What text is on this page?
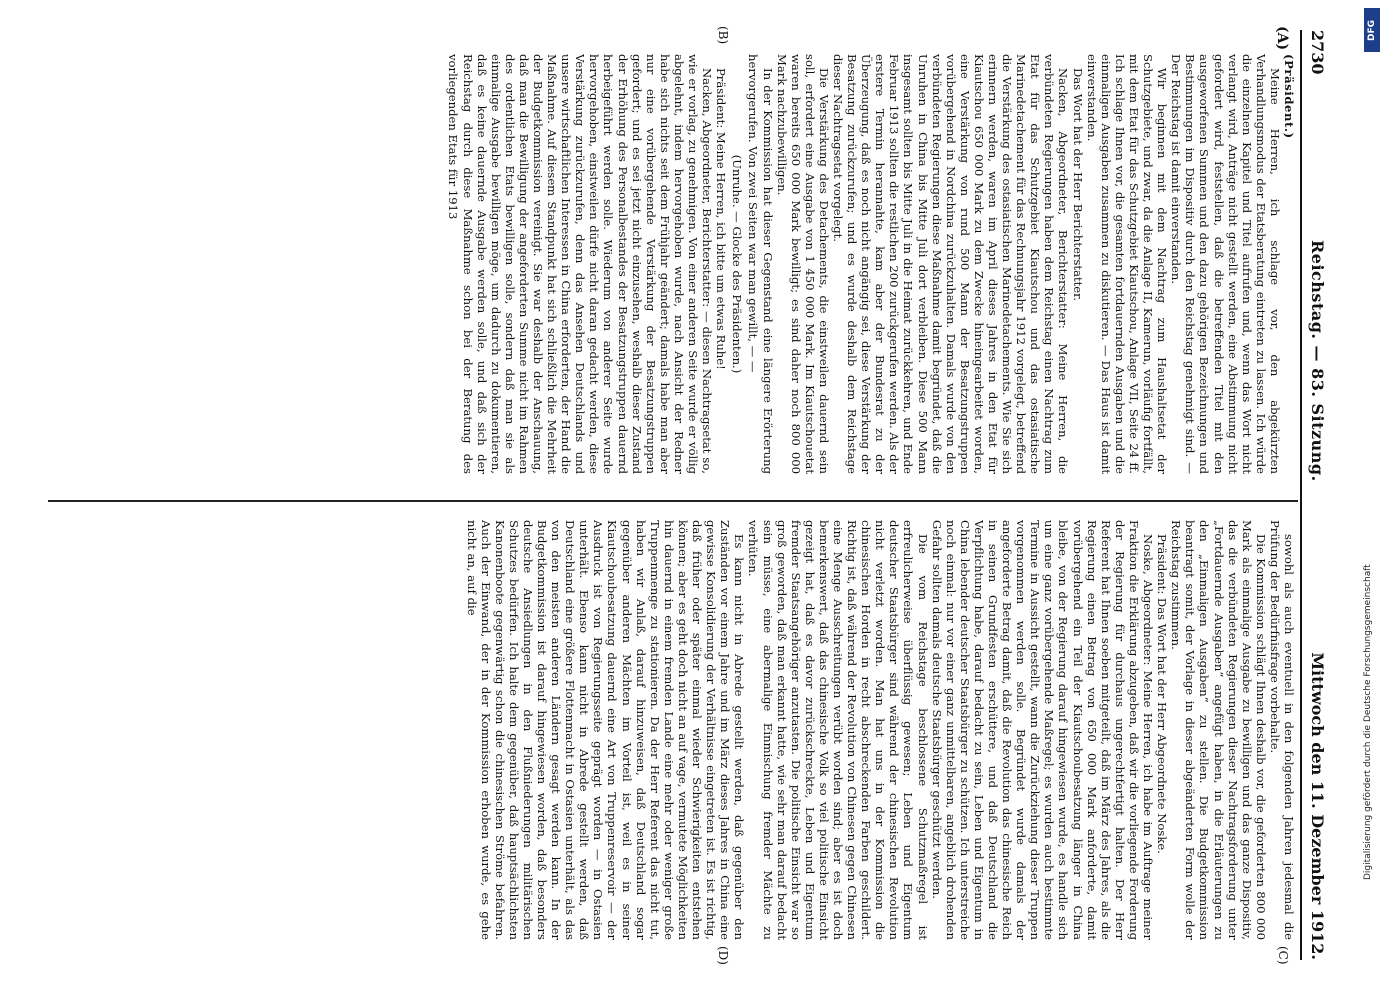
2730
Reichstag. — 83. Sitzung.
Mittwoch den 11. Dezember 1912.
(A)
(B)
(C)
(D)

(Präsident.)

Meine Herren, ich schlage vor, den abgekürzten Verhandlungsmodus der Etatsberatung eintreten zu lassen. Ich würde die einzelnen Kapitel und Titel aufrufen und, wenn das Wort nicht verlangt wird, Anträge nicht gestellt werden, eine Abstimmung nicht gefordert wird, feststellen, daß die betreffenden Titel mit den ausgeworfenen Summen und den dazu gehörigen Bezeichnungen und Bestimmungen im Dispositiv durch den Reichstag genehmigt sind. — Der Reichstag ist damit einverstanden.

Wir beginnen mit dem Nachtrag zum Haushaltsetat der Schutzgebiete, und zwar, da die Anlage II, Kamerun, vorläufig fortfällt, mit dem Etat für das Schutzgebiet Kiautschou, Anlage VII, Seite 24 ff. Ich schlage Ihnen vor, die gesamten fortdauernden Ausgaben und die einmaligen Ausgaben zusammen zu diskutieren. — Das Haus ist damit einverstanden.

Das Wort hat der Herr Berichterstatter.

Nacken, Abgeordneter, Berichterstatter: Meine Herren, die verbündeten Regierungen haben dem Reichstag einen Nachtrag zum Etat für das Schutzgebiet Kiautschou und das ostasiatische Marinedetachement für das Rechnungsjahr 1912 vorgelegt, betreffend die Verstärkung des ostasiatischen Marinedetachements. Wie Sie sich erinnern werden, waren im April dieses Jahres in den Etat für Kiautschou 650 000 Mark zu dem Zwecke hineingearbeitet worden, eine Verstärkung von rund 500 Mann der Besatzungstruppen vorübergehend in Nordchina zurückzuhalten. Damals wurde von den verbündeten Regierungen diese Maßnahme damit begründet, daß die Unruhen in China bis Mitte Juli dort verbleiben. Diese 500 Mann insgesamt sollten bis Mitte Juli in die Heimat zurückkehren, und Ende Februar 1913 sollten die restlichen 200 zurückgerufen werden. Als der erstere Termin herannahte, kam aber der Bundesrat zu der Überzeugung, daß es noch nicht angängig sei, diese Verstärkung der Besatzung zurückzurufen; und es wurde deshalb dem Reichstage dieser Nachtragsetat vorgelegt.

Die Verstärkung des Detachements, die einstweilen dauernd sein soll, erfordert eine Ausgabe von 1 450 000 Mark. Im Kiautschouetat waren bereits 650 000 Mark bewilligt; es sind daher noch 800 000 Mark nachzubewilligen.

In der Kommission hat dieser Gegenstand eine längere Erörterung hervorgerufen. Von zwei Seiten war man gewillt, — —

(Unruhe. — Glocke des Präsidenten.)

Präsident: Meine Herren, ich bitte um etwas Ruhe!

Nacken, Abgeordneter, Berichterstatter: — diesen Nachtragsetat so, wie er vorlag, zu genehmigen. Von einer anderen Seite wurde er völlig abgelehnt, indem hervorgehoben wurde, nach Ansicht der Redner habe sich nichts seit dem Frühjahr geändert; damals habe man aber nur eine vorübergehende Verstärkung der Besatzungstruppen gefordert; und es sei jetzt nicht einzusehen, weshalb dieser Zustand der Erhöhung des Personalbestandes der Besatzungstruppen dauernd herbeigeführt werden solle. Wiederum von anderer Seite wurde hervorgehoben, einstweilen dürfe nicht daran gedacht werden, diese Verstärkung zurückzurufen, denn das Ansehen Deutschlands und unsere wirtschaftlichen Interessen in China erforderten, der Hand die Maßnahme. Auf diesem Standpunkt hat sich schließlich die Mehrheit der Budgetkommission vereinigt. Sie war deshalb der Anschauung, daß man die Bewilligung der angeforderten Summe nicht im Rahmen des ordentlichen Etats bewilligen solle, sondern daß man sie als einmalige Ausgabe bewilligen möge, um dadurch zu dokumentieren, daß es keine dauernde Ausgabe werden solle, und daß sich der Reichstag durch diese Maßnahme schon bei der Beratung des vorliegenden Etats für 1913

sowohl als auch eventuell in den folgenden Jahren jedesmal die Prüfung der Bedürfnisfrage vorbehalte.

Die Kommission schlägt Ihnen deshalb vor, die geforderten 800 000 Mark als einmalige Ausgabe zu bewilligen und das ganze Dispositiv, das die verbündeten Regierungen dieser Nachtragsforderung unter „Fortdauernde Ausgaben“ angefügt haben, in die Erläuterungen zu den „Einmaligen Ausgaben“ zu stellen. Die Budgetkommission beantragt somit, der Vorlage in dieser abgeänderten Form wolle der Reichstag zustimmen.

Präsident: Das Wort hat der Herr Abgeordnete Noske.

Noske, Abgeordneter: Meine Herren, ich habe im Auftrage meiner Fraktion die Erklärung abzugeben, daß wir die vorliegende Forderung der Regierung für durchaus ungerechtfertigt halten. Der Herr Referent hat Ihnen soeben mitgeteilt, daß im März des Jahres, als die Regierung einen Betrag von 650 000 Mark anforderte, damit vorübergehend ein Teil der Kiautschoubesatzung länger in China bleibe, von der Regierung darauf hingewiesen wurde, es handle sich um eine ganz vorübergehende Maßregel; es wurden auch bestimmte Termine in Aussicht gestellt, wann die Zurückziehung dieser Truppen vorgenommen werden solle. Begründet wurde damals der angeforderte Betrag damit, daß die Revolution das chinesische Reich in seinen Grundfesten erschüttere, und daß Deutschland die Verpflichtung habe, darauf bedacht zu sein, Leben und Eigentum in China lebender deutscher Staatsbürger zu schützen. Ich unterstreiche noch einmal: nur vor einer ganz unmittelbaren, angeblich drohenden Gefahr sollten damals deutsche Staatsbürger geschützt werden.

Die vom Reichstage beschlossene Schutzmaßregel ist erfreulicherweise überflüssig gewesen; Leben und Eigentum deutscher Staatsbürger sind während der chinesischen Revolution nicht verletzt worden. Man hat uns in der Kommission die chinesischen Horden in recht abschreckenden Farben geschildert. Richtig ist, daß während der Revolution von Chinesen gegen Chinesen eine Menge Ausschreitungen verübt worden sind; aber es ist doch bemerkenswert, daß das chinesische Volk so viel politische Einsicht gezeigt hat, daß es davor zurückschreckte, Leben und Eigentum fremder Staatsangehöriger anzutasten. Die politische Einsicht war so groß geworden, daß man erkannt hatte, wie sehr man darauf bedacht sein müsse, eine abermalige Einmischung fremder Mächte zu verhüten.

Es kann nicht in Abrede gestellt werden, daß gegenüber den Zuständen vor einem Jahre und im März dieses Jahres in China eine gewisse Konsolidierung der Verhältnisse eingetreten ist. Es ist richtig, daß früher oder später einmal wieder Schwierigkeiten entstehen können; aber es geht doch nicht an auf vage, vermutete Möglichkeiten hin dauernd in einem fremden Lande eine mehr oder weniger große Truppenmenge zu stationieren. Da der Herr Referent das nicht tut, haben wir Anlaß, darauf hinzuweisen, daß Deutschland sogar gegenüber anderen Mächten im Vorteil ist, weil es in seiner Kiautschoubesatzung dauernd eine Art von Truppenreservoir — der Ausdruck ist von Regierungsseite geprägt worden — in Ostasien unterhält. Ebenso kann nicht in Abrede gestellt werden, daß Deutschland eine größere Flottenmacht in Ostasien unterhält, als das von den meisten anderen Ländern gesagt werden kann. In der Budgetkommission ist darauf hingewiesen worden, daß besonders deutsche Ansiedlungen in den Flußniederungen militärischen Schutzes bedürfen. Ich halte dem gegenüber, daß hauptsächlichsten Kanonenboote gegenwärtig schon die chinesischen Ströme befahren. Auch der Einwand, der in der Kommission erhoben wurde, es gehe nicht an, auf die

DFG
Digitalisierung gefördert durch die Deutsche Forschungsgemeinschaft
